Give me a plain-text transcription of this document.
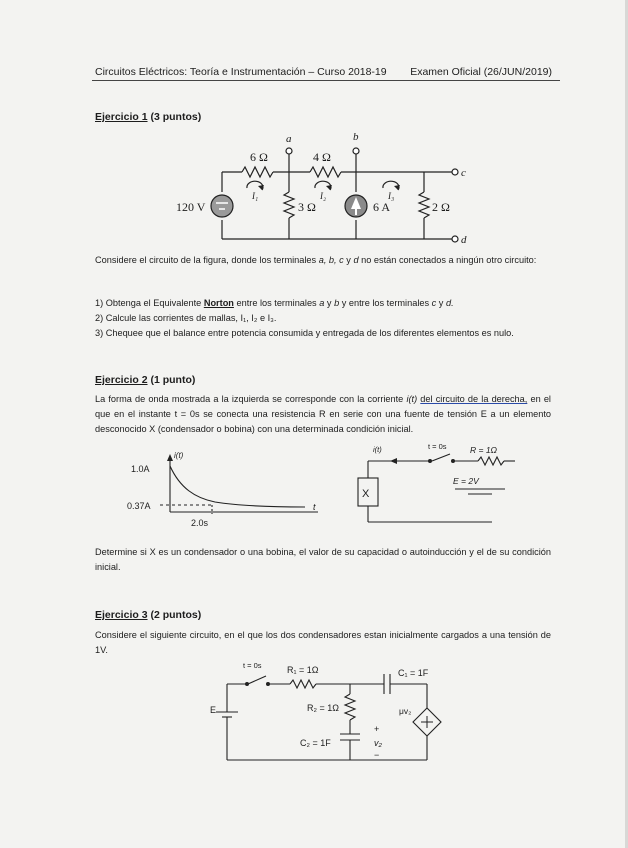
Circuitos Eléctricos: Teoría e Instrumentación – Curso 2018-19 Examen Oficial (26/JUN/2019)
Ejercicio 1 (3 puntos)
6 Ω	4 Ω
3 Ω	2 Ω
120 V	6 A
a	b
c
d
I₁	I₂	I₃

Considere el circuito de la figura, donde los terminales a, b, c y d no están conectados a ningún otro circuito:

1) Obtenga el Equivalente Norton entre los terminales a y b y entre los terminales c y d.

2) Calcule las corrientes de mallas, I₁, I₂ e I₃.

3) Chequee que el balance entre potencia consumida y entregada de los diferentes elementos es nulo.

Ejercicio 2 (1 punto)

La forma de onda mostrada a la izquierda se corresponde con la corriente i(t) del circuito de la derecha, en el que en el instante t = 0s se conecta una resistencia R en serie con una fuente de tensión E a un elemento desconocido X (condensador o bobina) con una determinada condición inicial.

i(t)
t
1.0A
0.37A
2.0s
i(t)	t = 0s	R = 1Ω
E = 2V
X
Determine si X es un condensador o una bobina, el valor de su capacidad o autoinducción y el de su condición inicial.
Ejercicio 3 (2 puntos)
Considere el siguiente circuito, en el que los dos condensadores estan inicialmente cargados a una tensión de 1V.
t = 0s	R₁ = 1Ω
R₂ = 1Ω
C₁ = 1F
C₂ = 1F
E	μv₂
+
v₂
−
